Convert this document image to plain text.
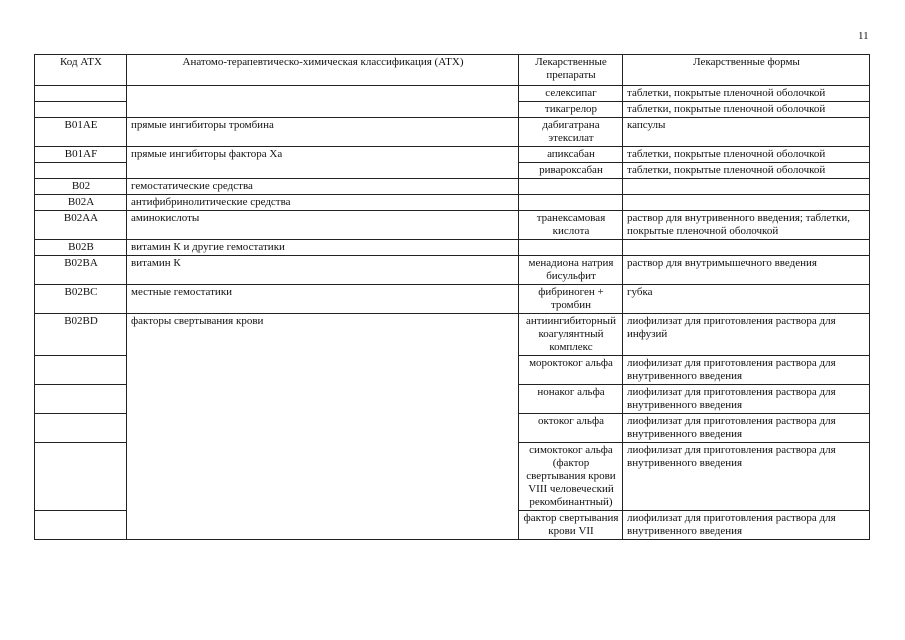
11
Код АТХ	Анатомо-терапевтическо-химическая классификация (АТХ)	Лекарственные препараты	Лекарственные формы
		селексипаг	таблетки, покрытые пленочной оболочкой
		тикагрелор	таблетки, покрытые пленочной оболочкой
B01AE	прямые ингибиторы тромбина	дабигатрана этексилат	капсулы
B01AF	прямые ингибиторы фактора Ха	апиксабан	таблетки, покрытые пленочной оболочкой
		ривароксабан	таблетки, покрытые пленочной оболочкой
B02	гемостатические средства		
B02A	антифибринолитические средства		
B02AA	аминокислоты	транексамовая кислота	раствор для внутривенного введения; таблетки, покрытые пленочной оболочкой
B02B	витамин К и другие гемостатики		
B02BA	витамин К	менадиона натрия бисульфит	раствор для внутримышечного введения
B02BC	местные гемостатики	фибриноген + тромбин	губка
B02BD	факторы свертывания крови	антиингибиторный коагулянтный комплекс	лиофилизат для приготовления раствора для инфузий
		мороктоког альфа	лиофилизат для приготовления раствора для внутривенного введения
		нонаког альфа	лиофилизат для приготовления раствора для внутривенного введения
		октоког альфа	лиофилизат для приготовления раствора для внутривенного введения
		симоктоког альфа (фактор свертывания крови VIII человеческий рекомбинантный)	лиофилизат для приготовления раствора для внутривенного введения
		фактор свертывания крови VII	лиофилизат для приготовления раствора для внутривенного введения
